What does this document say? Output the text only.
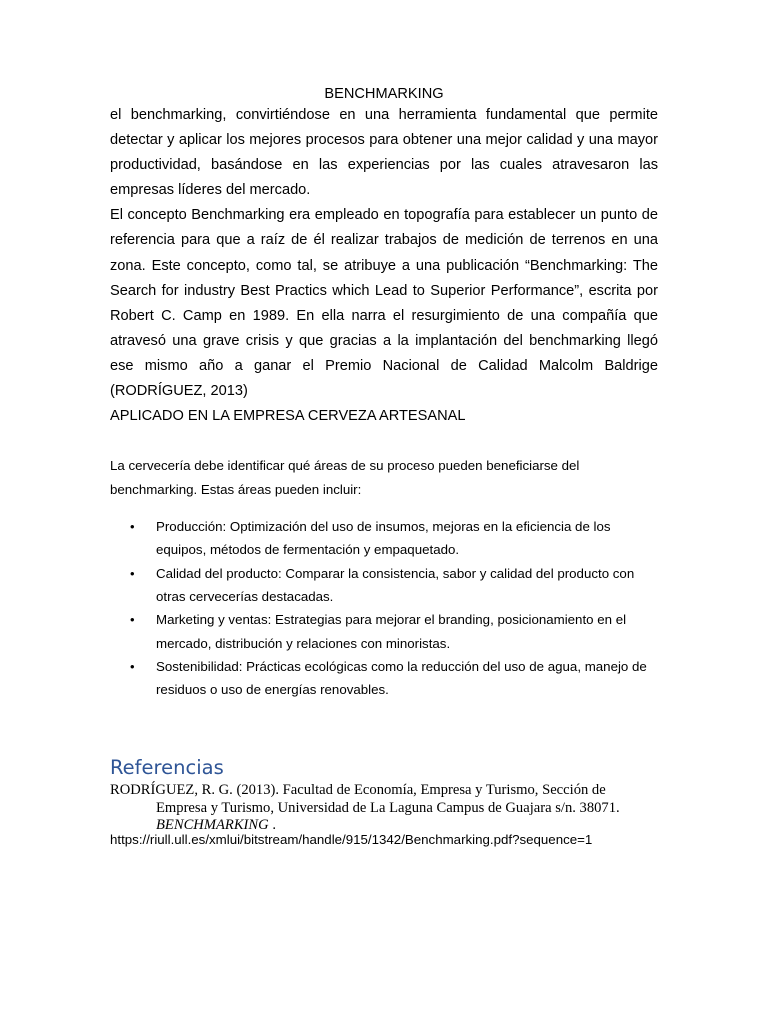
BENCHMARKING

el benchmarking, convirtiéndose en una herramienta fundamental que permite detectar y aplicar los mejores procesos para obtener una mejor calidad y una mayor productividad, basándose en las experiencias por las cuales atravesaron las empresas líderes del mercado.

El concepto Benchmarking era empleado en topografía para establecer un punto de referencia para que a raíz de él realizar trabajos de medición de terrenos en una zona. Este concepto, como tal, se atribuye a una publicación “Benchmarking: The Search for industry Best Practics which Lead to Superior Performance”, escrita por Robert C. Camp en 1989. En ella narra el resurgimiento de una compañía que atravesó una grave crisis y que gracias a la implantación del benchmarking llegó ese mismo año a ganar el Premio Nacional de Calidad Malcolm Baldrige (RODRÍGUEZ, 2013)

APLICADO EN LA EMPRESA CERVEZA ARTESANAL

La cervecería debe identificar qué áreas de su proceso pueden beneficiarse del benchmarking. Estas áreas pueden incluir:

• Producción: Optimización del uso de insumos, mejoras en la eficiencia de los equipos, métodos de fermentación y empaquetado.
• Calidad del producto: Comparar la consistencia, sabor y calidad del producto con otras cervecerías destacadas.
• Marketing y ventas: Estrategias para mejorar el branding, posicionamiento en el mercado, distribución y relaciones con minoristas.
• Sostenibilidad: Prácticas ecológicas como la reducción del uso de agua, manejo de residuos o uso de energías renovables.
Referencias
RODRÍGUEZ, R. G. (2013). Facultad de Economía, Empresa y Turismo, Sección de
Empresa y Turismo, Universidad de La Laguna Campus de Guajara s/n. 38071.
BENCHMARKING .
https://riull.ull.es/xmlui/bitstream/handle/915/1342/Benchmarking.pdf?sequence=1
